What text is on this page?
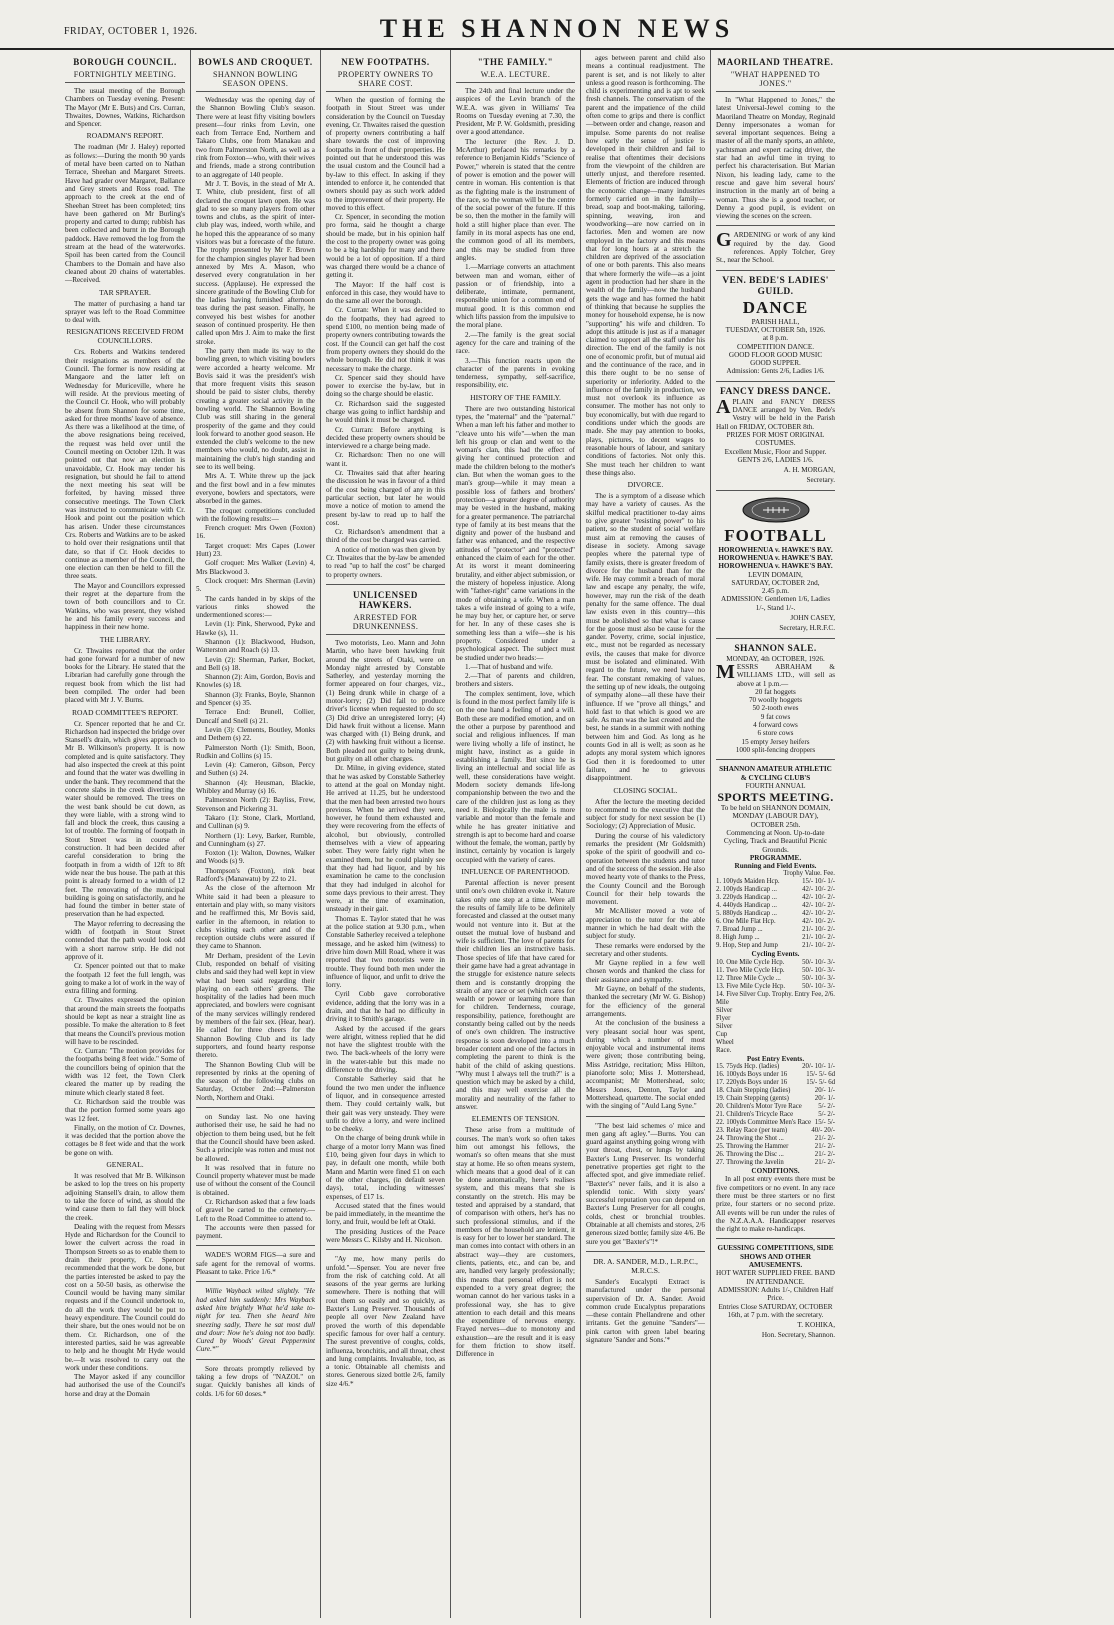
FRIDAY, OCTOBER 1, 1926.	THE SHANNON NEWS
BOROUGH COUNCIL.
FORTNIGHTLY MEETING.

The usual meeting of the Borough Chambers on Tuesday evening. Present: The Mayor (Mr E. Buts) and Crs. Curran, Thwaites, Downes, Watkins, Richardson and Spencer.

ROADMAN'S REPORT.

The roadman (Mr J. Haley) reported as follows:—During the month 90 yards of metal have been carted on to Nathan Terrace, Sheehan and Margaret Streets. Have had grader over Margaret, Ballance and Grey streets and Ross road. The approach to the creek at the end of Sheehan Street has been completed; tins have been gathered on Mr Burling's property and carted to dump; rubbish has been collected and burnt in the Borough paddock. Have removed the log from the stream at the head of the waterworks. Spoil has been carted from the Council Chambers to the Domain and have also cleaned about 20 chains of watertables.—Received.

TAR SPRAYER.

The matter of purchasing a hand tar sprayer was left to the Road Committee to deal with.

RESIGNATIONS RECEIVED FROM COUNCILLORS.

Crs. Roberts and Watkins tendered their resignations as members of the Council. The former is now residing at Mangaore and the latter left on Wednesday for Muriceville, where he will reside. At the previous meeting of the Council Cr. Hook, who will probably be absent from Shannon for some time, asked for three months' leave of absence. As there was a likelihood at the time, of the above resignations being received, the request was held over until the Council meeting on October 12th. It was pointed out that now an election is unavoidable, Cr. Hook may tender his resignation, but should he fail to attend the next meeting his seat will be forfeited, by having missed three consecutive meetings. The Town Clerk was instructed to communicate with Cr. Hook and point out the position which has arisen. Under these circumstances Crs. Roberts and Watkins are to be asked to hold over their resignations until that date, so that if Cr. Hook decides to continue as a member of the Council, the one election can then be held to fill the three seats.

The Mayor and Councillors expressed their regret at the departure from the town of both councillors and to Cr. Watkins, who was present, they wished he and his family every success and happiness in their new home.

THE LIBRARY.

Cr. Thwaites reported that the order had gone forward for a number of new books for the Library. He stated that the Librarian had carefully gone through the request book from which the list had been compiled. The order had been placed with Mr J. V. Burns.

ROAD COMMITTEE'S REPORT.

Cr. Spencer reported that he and Cr. Richardson had inspected the bridge over Stansell's drain, which gives approach to Mr B. Wilkinson's property. It is now completed and is quite satisfactory. They had also inspected the creek at this point and found that the water was dwelling in under the bank. They recommend that the concrete slabs in the creek diverting the water should be removed. The trees on the west bank should be cut down, as they were liable, with a strong wind to fall and block the creek, thus causing a lot of trouble. The forming of footpath in Stout Street was in course of construction. It had been decided after careful consideration to bring the footpath in from a width of 12ft to 8ft wide near the bus house. The path at this point is already formed to a width of 12 feet. The renovating of the municipal building is going on satisfactorily, and he had found the timber in better state of preservation than he had expected.

The Mayor referring to decreasing the width of footpath in Stout Street contended that the path would look odd with a short narrow strip. He did not approve of it.

Cr. Spencer pointed out that to make the footpath 12 feet the full length, was going to make a lot of work in the way of extra filling and forming.

Cr. Thwaites expressed the opinion that around the main streets the footpaths should be kept as near a straight line as possible. To make the alteration to 8 feet that means the Council's previous motion will have to be rescinded.

Cr. Curran: "The motion provides for the footpaths being 8 feet wide." Some of the councillors being of opinion that the width was 12 feet, the Town Clerk cleared the matter up by reading the minute which clearly stated 8 feet.

Cr. Richardson said the trouble was that the portion formed some years ago was 12 feet.

Finally, on the motion of Cr. Downes, it was decided that the portion above the cottages be 8 feet wide and that the work be gone on with.

GENERAL.

It was resolved that Mr B. Wilkinson be asked to lop the trees on his property adjoining Stansell's drain, to allow them to take the force of wind, as should the wind cause them to fall they will block the creek.

Dealing with the request from Messrs Hyde and Richardson for the Council to lower the culvert across the road in Thompson Streets so as to enable them to drain their property, Cr. Spencer recommended that the work be done, but the parties interested be asked to pay the cost on a 50-50 basis, as otherwise the Council would be having many similar requests and if the Council undertook to, do all the work they would be put to heavy expenditure. The Council could do their share, but the ones would not be on them. Cr. Richardson, one of the interested parties, said he was agreeable to help and he thought Mr Hyde would be.—It was resolved to carry out the work under these conditions.

The Mayor asked if any councillor had authorised the use of the Council's horse and dray at the Domain

BOWLS AND CROQUET.
SHANNON BOWLING SEASON OPENS.

Wednesday was the opening day of the Shannon Bowling Club's season. There were at least fifty visiting bowlers present—four rinks from Levin, one each from Terrace End, Northern and Takaro Clubs, one from Manakau and two from Palmerston North, as well as a rink from Foxton—who, with their wives and friends, made a strong contribution to an aggregate of 140 people.

Mr J. T. Bovis, in the stead of Mr A. T. White, club president, first of all declared the croquet lawn open. He was glad to see so many players from other towns and clubs, as the spirit of inter-club play was, indeed, worth while, and he hoped this the appearance of so many visitors was but a forecaste of the future. The trophy presented by Mr F. Brown for the champion singles player had been annexed by Mrs A. Mason, who deserved every congratulation in her success. (Applause). He expressed the sincere gratitude of the Bowling Club for the ladies having furnished afternoon teas during the past season. Finally, he conveyed his best wishes for another season of continued prosperity. He then called upon Mrs J. Aim to make the first stroke.

The party then made its way to the bowling green, to which visiting bowlers were accorded a hearty welcome. Mr Bovis said it was the president's wish that more frequent visits this season should be paid to sister clubs, thereby creating a greater social activity in the bowling world. The Shannon Bowling Club was still sharing in the general prosperity of the game and they could look forward to another good season. He extended the club's welcome to the new members who would, no doubt, assist in maintaining the club's high standing and see to its well being.

Mrs A. T. White threw up the jack and the first bowl and in a few minutes everyone, bowlers and spectators, were absorbed in the games.

The croquet competitions concluded with the following results:—

French croquet: Mrs Owen (Foxton) 16.

Target croquet: Mrs Capes (Lower Hutt) 23.

Golf croquet: Mrs Walker (Levin) 4, Mrs Blackwood 3.

Clock croquet: Mrs Sherman (Levin) 5.

The cards handed in by skips of the various rinks showed the undermentioned scores:—

Levin (1): Pink, Sherwood, Pyke and Hawke (s), 11.

Shannon (1): Blackwood, Hudson, Watterston and Roach (s) 13.

Levin (2): Sherman, Parker, Bocket, and Bell (s) 18.

Shannon (2): Aim, Gordon, Bovis and Knowles (s) 18.

Shannon (3): Franks, Boyle, Shannon and Spencer (s) 35.

Terrace End: Brunell, Collier, Duncalf and Snell (s) 21.

Levin (3): Clements, Boutley, Monks and Dethern (s) 22.

Palmerston North (1): Smith, Boon, Rudkin and Collins (s) 15.

Levin (4): Cameron, Gibson, Percy and Suthen (s) 24.

Shannon (4): Heusman, Blackie, Whibley and Murray (s) 16.

Palmerston North (2): Bayliss, Frew, Stevenson and Pickering 31.

Takaro (1): Stone, Clark, Mortland, and Cullinan (s) 9.

Northern (1): Levy, Barker, Rumble, and Cunningham (s) 27.

Foxton (1): Walton, Downes, Walker and Woods (s) 9.

Thompson's (Foxton), rink beat Radford's (Manawatu) by 22 to 21.

As the close of the afternoon Mr White said it had been a pleasure to entertain and play with, so many visitors and he reaffirmed this, Mr Bovis said, earlier in the afternoon, in relation to clubs visiting each other and of the reception outside clubs were assured if they came to Shannon.

Mr Derham, president of the Levin Club, responded on behalf of visiting clubs and said they had well kept in view what had been said regarding their playing on each others' greens. The hospitality of the ladies had been much appreciated, and bowlers were cognisant of the many services willingly rendered by members of the fair sex. (Hear, hear). He called for three cheers for the Shannon Bowling Club and its lady supporters, and found hearty response thereto.

The Shannon Bowling Club will be represented by rinks at the opening of the season of the following clubs on Saturday, October 2nd:—Palmerston North, Northern and Otaki.

on Sunday last. No one having authorised their use, he said he had no objection to them being used, but he felt that the Council should have been asked. Such a principle was rotten and must not be allowed.

It was resolved that in future no Council property whatever must be made use of without the consent of the Council is obtained.

Cr. Richardson asked that a few loads of gravel be carted to the cemetery.—Left to the Road Committee to attend to.

The accounts were then passed for payment.

WADE'S WORM FIGS—a sure and safe agent for the removal of worms. Pleasant to take. Price 1/6.*

Willie Wayback wilted slightly. "He had asked him suddenly: Mrs Wayback asked him brightly What he'd take to-night for tea. Then she heard him sneezing sadly, There he sat most dull and dour: Now he's doing not too badly. Cured by Woods' Great Peppermint Cure.*"

Sore throats promptly relieved by taking a few drops of "NAZOL" on sugar. Quickly banishes all kinds of colds. 1/6 for 60 doses.*

NEW FOOTPATHS.
PROPERTY OWNERS TO SHARE COST.

When the question of forming the footpath in Stout Street was under consideration by the Council on Tuesday evening, Cr. Thwaites raised the question of property owners contributing a half share towards the cost of improving footpaths in front of their properties. He pointed out that he understood this was the usual custom and the Council had a by-law to this effect. In asking if they intended to enforce it, he contended that owners should pay as such work added to the improvement of their property. He moved to this effect.

Cr. Spencer, in seconding the motion pro forma, said he thought a charge should be made, but in his opinion half the cost to the property owner was going to be a big hardship for many and there would be a lot of opposition. If a third was charged there would be a chance of getting it.

The Mayor: If the half cost is enforced in this case, they would have to do the same all over the borough.

Cr. Curran: When it was decided to do the footpaths, they had agreed to spend £100, no mention being made of property owners contributing towards the cost. If the Council can get half the cost from property owners they should do the whole borough. He did not think it was necessary to make the charge.

Cr. Spencer said they should have power to exercise the by-law, but in doing so the charge should be elastic.

Cr. Richardson said the suggested charge was going to inflict hardship and he would think it must be charged.

Cr. Curran: Before anything is decided these property owners should be interviewed re a charge being made.

Cr. Richardson: Then no one will want it.

Cr. Thwaites said that after hearing the discussion he was in favour of a third of the cost being charged of any in this particular section, but later he would move a notice of motion to amend the present by-law to read up to half the cost.

Cr. Richardson's amendment that a third of the cost be charged was carried.

A notice of motion was then given by Cr. Thwaites that the by-law be amended to read "up to half the cost" be charged to property owners.

UNLICENSED HAWKERS.
ARRESTED FOR DRUNKENNESS.

Two motorists, Leo. Mann and John Martin, who have been hawking fruit around the streets of Otaki, were on Monday night arrested by Constable Satherley, and yesterday morning the former appeared on four charges, viz., (1) Being drunk while in charge of a motor-lorry; (2) Did fail to produce driver's license when requested to do so; (3) Did drive an unregistered lorry; (4) Did hawk fruit without a license. Mann was charged with (1) Being drunk, and (2) with hawking fruit without a license. Both pleaded not guilty to being drunk, but guilty on all other charges.

Dr. Milne, in giving evidence, stated that he was asked by Constable Satherley to attend at the goal on Monday night. He arrived at 11.25, but he understood that the men had been arrested two hours previous. When he arrived they were, however, he found them exhausted and they were recovering from the effects of alcohol, but obviously, controlled themselves with a view of appearing sober. They were fairly right when he examined them, but he could plainly see that they had had liquor, and by his examination he came to the conclusion that they had indulged in alcohol for some days previous to their arrest. They were, at the time of examination, unsteady in their gait.

Thomas E. Taylor stated that he was at the police station at 9.30 p.m., when Constable Satherley received a telephone message, and he asked him (witness) to drive him down Mill Road, where it was reported that two motorists were in trouble. They found both men under the influence of liquor, and unfit to drive the lorry.

Cyril Cobb gave corroborative evidence, adding that the lorry was in a drain, and that he had no difficulty in driving it to Smith's garage.

Asked by the accused if the gears were alright, witness replied that he did not have the slightest trouble with the two. The back-wheels of the lorry were in the water-table but this made no difference to the driving.

Constable Satherley said that he found the two men under the influence of liquor, and in consequence arrested them. They could certainly walk, but their gait was very unsteady. They were unfit to drive a lorry, and were inclined to be cheeky.

On the charge of being drunk while in charge of a motor lorry Mann was fined £10, being given four days in which to pay, in default one month, while both Mann and Martin were fined £1 on each of the other charges, (in default seven days), total, including witnesses' expenses, of £17 1s.

Accused stated that the fines would be paid immediately, in the meantime the lorry, and fruit, would be left at Otaki.

The presiding Justices of the Peace were Messrs C. Kilsby and H. Nicolson.

"Ay me, how many perils do unfold."—Spenser. You are never free from the risk of catching cold. At all seasons of the year germs are lurking somewhere. There is nothing that will rout them so easily and so quickly, as Baxter's Lung Preserver. Thousands of people all over New Zealand have proved the worth of this dependable specific famous for over half a century. The surest preventive of coughs, colds, influenza, bronchitis, and all throat, chest and lung complaints. Invaluable, too, as a tonic. Obtainable all chemists and stores. Generous sized bottle 2/6, family size 4/6.*

"THE FAMILY."
W.E.A. LECTURE.

The 24th and final lecture under the auspices of the Levin branch of the W.E.A. was given in Williams' Tea Rooms on Tuesday evening at 7.30, the President, Mr P. W. Goldsmith, presiding over a good attendance.

The lecturer (the Rev. J. D. McArthur) prefaced his remarks by a reference to Benjamin Kidd's "Science of Power," wherein is stated that the centre of power is emotion and the power will centre in woman. His contention is that as the fighting male is the instrument of the race, so the woman will be the centre of the social power of the future. If this be so, then the mother in the family will hold a still higher place than ever. The family in its moral aspects has one end, the common good of all its members, and this may be studied from three angles.

1.—Marriage converts an attachment between man and woman, either of passion or of friendship, into a deliberate, intimate, permanent, responsible union for a common end of mutual good. It is this common end which lifts passion from the impulsive to the moral plane.

2.—The family is the great social agency for the care and training of the race.

3.—This function reacts upon the character of the parents in evoking tenderness, sympathy, self-sacrifice, responsibility, etc.

HISTORY OF THE FAMILY.

There are two outstanding historical types, the "maternal" and the "paternal." When a man left his father and mother to "cleave unto his wife"—when the man left his group or clan and went to the woman's clan, this had the effect of giving her continued protection and made the children belong to the mother's clan. But when the woman goes to the man's group—while it may mean a possible loss of fathers and brothers' protection—a greater degree of authority may be vested in the husband, making for a greater permanence. The patriarchal type of family at its best means that the dignity and power of the husband and father was enhanced, and the respective attitudes of "protector" and "protected" enhanced the claim of each for the other. At its worst it meant domineering brutality, and either abject submission, or the mistery of hopeless injustice. Along with "father-right" came variations in the mode of obtaining a wife. When a man takes a wife instead of going to a wife, he may buy her, or capture her, or serve for her. In any of these cases she is something less than a wife—she is his property. Considered under a psychological aspect. The subject must be studied under two heads:—

1.—That of husband and wife.

2.—That of parents and children, brothers and sisters.

The complex sentiment, love, which is found in the most perfect family life is on the one hand a feeling of and a will. Both these are modified emotion, and on the other a purpose by parenthood and social and religious influences. If man were living wholly a life of instinct, he might have, instinct as a guide in establishing a family. But since he is living an intellectual and social life as well, these considerations have weight. Modern society demands life-long companionship between the two and the care of the children just as long as they need it. Biologically the male is more variable and motor than the female and while he has greater initiative and strength is apt to become hard and coarse without the female, the woman, partly by instinct, certainly by vocation is largely occupied with the variety of cares.

INFLUENCE OF PARENTHOOD.

Parental affection is never present until one's own children evoke it. Nature takes only one step at a time. Were all the results of family life to be definitely forecasted and classed at the outset many would not venture into it. But at the outset the mutual love of husband and wife is sufficient. The love of parents for their children lies an instructive basis. Those species of life that have cared for their game have had a great advantage in the struggle for existence nature selects them and is constantly dropping the strain of any race or set (which cares for wealth or power or learning more than for children. Tenderness, courage, responsibility, patience, forethought are constantly being called out by the needs of one's own children. The instructive response is soon developed into a much broader content and one of the factors in completing the parent to think is the habit of the child of asking questions. "Why must I always tell the truth?" is a question which may be asked by a child, and this may well exercise all the morality and neutrality of the father to answer.

ELEMENTS OF TENSION.

These arise from a multitude of courses. The man's work so often takes him out amongst his fellows, the woman's so often means that she must stay at home. He so often means system, which means that a good deal of it can be done automatically, here's realises system, and this means that she is constantly on the stretch. His may be tested and appraised by a standard, that of comparison with others, her's has no such professional stimulus, and if the members of the household are lenient, it is easy for her to lower her standard. The man comes into contact with others in an abstract way—they are customers, clients, patients, etc., and can be, and are, handled very largely professionally; this means that personal effort is not expended to a very great degree; the woman cannot do her various tasks in a professional way, she has to give attention to each detail and this means the expenditure of nervous energy. Frayed nerves—due to monotony and exhaustion—are the result and it is easy for them friction to show itself. Difference in

ages between parent and child also means a continual readjustment. The parent is set, and is not likely to alter unless a good reason is forthcoming. The child is experimenting and is apt to seek fresh channels. The conservatism of the parent and the impatience of the child often come to grips and there is conflict—between order and change, reason and impulse. Some parents do not realise how early the sense of justice is developed in their children and fail to realise that oftentimes their decisions from the viewpoint of the children are utterly unjust, and therefore resented. Elements of friction are induced through the economic change—many industries formerly carried on in the family—bread, soap and boot-making, tailoring, spinning, weaving, iron and woodworking—are now carried on in factories. Men and women are now employed in the factory and this means that for long hours at a stretch the children are deprived of the association of one or both parents. This also means that where formerly the wife—as a joint agent in production had her share in the wealth of the family—now the husband gets the wage and has formed the habit of thinking that because he supplies the money for household expense, he is now "supporting" his wife and children. To adopt this attitude is just as if a manager claimed to support all the staff under his direction. The end of the family is not one of economic profit, but of mutual aid and the continuance of the race, and in this there ought to be no sense of superiority or inferiority. Added to the influence of the family in production, we must not overlook its influence as consumer. The mother has not only to buy economically, but with due regard to conditions under which the goods are made. She may pay attention to books, plays, pictures, to decent wages to reasonable hours of labour, and sanitary conditions of factories. Not only this. She must teach her children to want these things also.

DIVORCE.

The is a symptom of a disease which may have a variety of causes. As the skilful medical practitioner to-day aims to give greater "resisting power" to his patient, so the student of social welfare must aim at removing the causes of disease in society. Among savage peoples where the paternal type of family exists, there is greater freedom of divorce for the husband than for the wife. He may commit a breach of moral law and escape any penalty, the wife, however, may run the risk of the death penalty for the same offence. The dual law exists even in this country—this must be abolished so that what is cause for the goose must also be cause for the gander. Poverty, crime, social injustice, etc., must not be regarded as necessary evils, the causes that make for divorce must be isolated and eliminated. With regard to the future, we need have no fear. The constant remaking of values, the setting up of new ideals, the outgoing of sympathy alone—all these have their influence. If we "prove all things," and hold fast to that which is good we are safe. As man was the last created and the best, he stands in a summit with nothing between him and God. As long as he counts God in all is well; as soon as he adopts any moral system which ignores God then it is foredoomed to utter failure, and he to grievous disappointment.

CLOSING SOCIAL.

After the lecture the meeting decided to recommend to the executive that the subject for study for next session be (1) Sociology; (2) Appreciation of Music.

During the course of his valedictory remarks the president (Mr Goldsmith) spoke of the spirit of goodwill and co-operation between the students and tutor and of the success of the session. He also moved hearty vote of thanks to the Press, the County Council and the Borough Council for their help towards the movement.

Mr McAllister moved a vote of appreciation to the tutor for the able manner in which he had dealt with the subject for study.

These remarks were endorsed by the secretary and other students.

Mr Gayne replied in a few well chosen words and thanked the class for their assistance and sympathy.

Mr Gayne, on behalf of the students, thanked the secretary (Mr W. G. Bishop) for the efficiency of the general arrangements.

At the conclusion of the business a very pleasant social hour was spent, during which a number of most enjoyable vocal and instrumental items were given; those contributing being, Miss Astridge, recitation; Miss Hilton, pianoforte solo; Miss J. Mottershead, accompanist; Mr Mottershead, solo; Messrs Jones, Denton, Taylor and Mottershead, quartette. The social ended with the singing of "Auld Lang Syne."

"The best laid schemes o' mice and men gang aft agley."—Burns. You can guard against anything going wrong with your throat, chest, or lungs by taking Baxter's Lung Preserver. Its wonderful penetrative properties get right to the affected spot, and give immediate relief. "Baxter's" never fails, and it is also a splendid tonic. With sixty years' successful reputation you can depend on Baxter's Lung Preserver for all coughs, colds, chest or bronchial troubles. Obtainable at all chemists and stores, 2/6 generous sized bottle; family size 4/6. Be sure you get "Baxter's"!*

DR. A. SANDER, M.D., L.R.P.C., M.R.C.S.

Sander's Eucalypti Extract is manufactured under the personal supervision of Dr. A. Sander. Avoid common crude Eucalyptus preparations—these contain Phellandrene and other irritants. Get the genuine "Sanders"—pink carton with green label bearing signature 'Sander and Sons.'*

MAORILAND THEATRE.
"WHAT HAPPENED TO JONES."

In "What Happened to Jones," the latest Universal-Jewel coming to the Maoriland Theatre on Monday, Reginald Denny impersonates a woman for several important sequences. Being a master of all the manly sports, an athlete, yachtsman and expert racing driver, the star had an awful time in trying to perfect his characterisation. But Marian Nixon, his leading lady, came to the rescue and gave him several hours' instruction in the manly art of being a woman. Thus she is a good teacher, or Denny a good pupil, is evident on viewing the scenes on the screen.

G ARDENING or work of any kind required by the day. Good references. Apply Tolcher, Grey St., near the School.
VEN. BEDE'S LADIES' GUILD.
DANCE
PARISH HALL,
TUESDAY, OCTOBER 5th, 1926.
at 8 p.m.
COMPETITION DANCE.
GOOD FLOOR GOOD MUSIC
GOOD SUPPER.
Admission: Gents 2/6, Ladies 1/6.
FANCY DRESS DANCE.
A PLAIN and FANCY DRESS DANCE arranged by Ven. Bede's Vestry will be held in the Parish Hall on FRIDAY, OCTOBER 8th.
PRIZES FOR MOST ORIGINAL COSTUMES.
Excellent Music, Floor and Supper.
GENTS 2/6, LADIES 1/6.
A. H. MORGAN,
Secretary.
FOOTBALL
HOROWHENUA v. HAWKE'S BAY.
HOROWHENUA v. HAWKE'S BAY.
HOROWHENUA v. HAWKE'S BAY.
LEVIN DOMAIN,
SATURDAY, OCTOBER 2nd,
2.45 p.m.
ADMISSION: Gentlemen 1/6, Ladies 1/-, Stand 1/-.
JOHN CASEY,
Secretary, H.R.F.C.
SHANNON SALE.
MONDAY, 4th OCTOBER, 1926.
M ESSRS ABRAHAM & WILLIAMS LTD., will sell as above at 1 p.m.—
20 fat hoggets
70 woolly hoggets
50 2-tooth ewes
9 fat cows
4 forward cows
6 store cows
15 empty Jersey heifers
1000 split-fencing droppers
SHANNON AMATEUR ATHLETIC & CYCLING CLUB'S
FOURTH ANNUAL
SPORTS MEETING.
To be held on SHANNON DOMAIN, MONDAY (LABOUR DAY), OCTOBER 25th.
Commencing at Noon. Up-to-date Cycling, Track and Beautiful Picnic Grounds.
PROGRAMME.
Running and Field Events.
Trophy Value. Fee.
1. 100yds Maiden Hcp.	15/- 10/- 1/-
2. 100yds Handicap ...	42/- 10/- 2/-
3. 220yds Handicap ...	42/- 10/- 2/-
4. 440yds Handicap ...	42/- 10/- 2/-
5. 880yds Handicap ...	42/- 10/- 2/-
6. One Mile Flat Hcp.	42/- 10/- 2/-
7. Broad Jump ...	21/- 10/- 2/-
8. High Jump ...	21/- 10/- 2/-
9. Hop, Step and Jump	21/- 10/- 2/-
Cycling Events.
10. One Mile Cycle Hcp.	50/- 10/- 3/-
11. Two Mile Cycle Hcp.	50/- 10/- 3/-
12. Three Mile Cycle ...	50/- 10/- 3/-
13. Five Mile Cycle Hcp.	50/- 10/- 3/-
14. Five Mile Silver Flyer Silver Cup Wheel Race.
Silver Cup. Trophy. Entry Fee, 2/6.
Post Entry Events.
15. 75yds Hcp. (ladies)	20/- 10/- 1/-
16. 100yds Boys under 16	15/- 5/- 6d
17. 220yds Boys under 16	15/- 5/- 6d
18. Chain Stepping (ladies)	20/- 1/-
19. Chain Stepping (gents)	20/- 1/-
20. Children's Motor Tyre Race	5/- 2/-
21. Children's Tricycle Race	5/- 2/-
22. 100yds Committee Men's Race 15/- 5/-
23. Relay Race (per team)	40/- 20/-
24. Throwing the Shot ...	21/- 2/-
25. Throwing the Hammer	21/- 2/-
26. Throwing the Disc ...	21/- 2/-
27. Throwing the Javelin	21/- 2/-
CONDITIONS.

In all post entry events there must be five competitors or no event. In any race there must be three starters or no first prize, four starters or no second prize. All events will be run under the rules of the N.Z.A.A.A. Handicapper reserves the right to make re-handicaps.

GUESSING COMPETITIONS, SIDE SHOWS AND OTHER AMUSEMENTS.
HOT WATER SUPPLIED FREE. BAND IN ATTENDANCE.
ADMISSION: Adults 1/-, Children Half Price.
Entries Close SATURDAY, OCTOBER 16th, at 7 p.m. with the secretary.
T. KOHIKA,
Hon. Secretary, Shannon.
